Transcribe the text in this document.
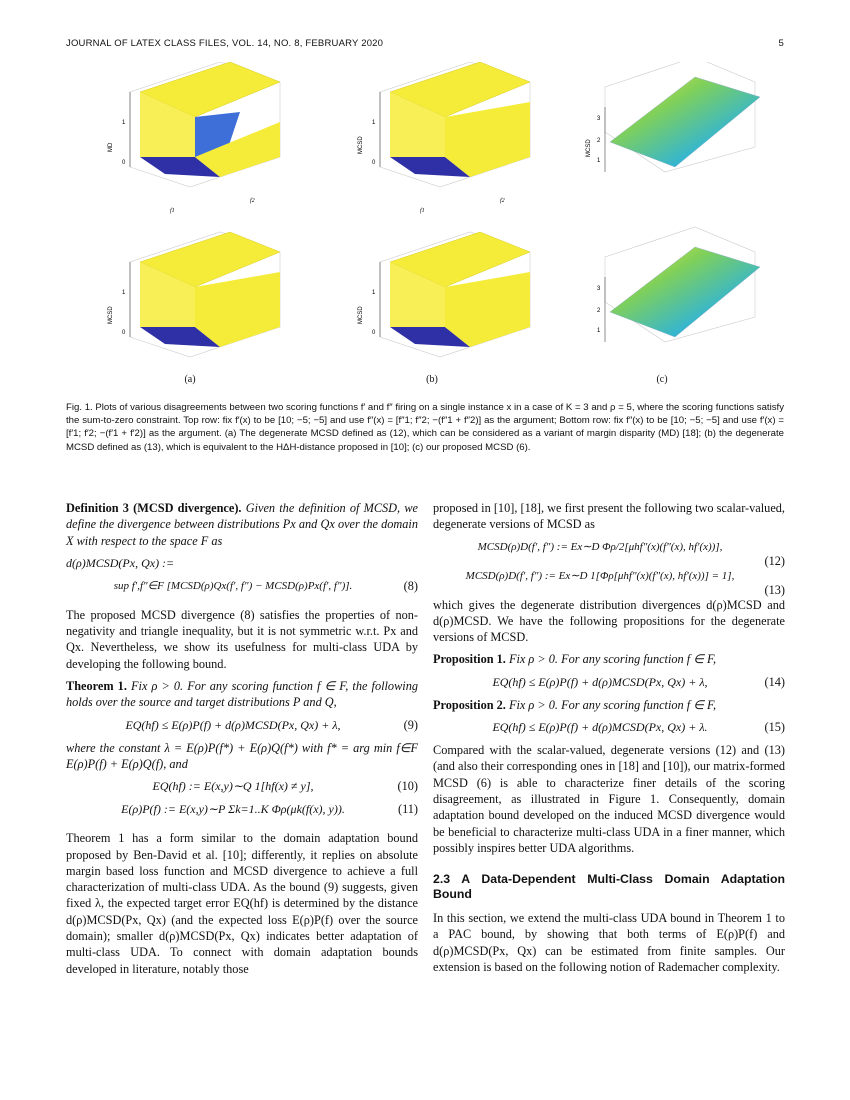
JOURNAL OF LATEX CLASS FILES, VOL. 14, NO. 8, FEBRUARY 2020	5
1
0
MD
f1
f2
1
0
MCSD
f1
f2
3
2
1
MCSD
1
0
MCSD
1
0
MCSD
3
2
1
(a)	(b)	(c)
Fig. 1. Plots of various disagreements between two scoring functions f′ and f″ firing on a single instance x in a case of K = 3 and ρ = 5, where the scoring functions satisfy the sum-to-zero constraint. Top row: fix f′(x) to be [10; −5; −5] and use f″(x) = [f″1; f″2; −(f″1 + f″2)] as the argument; Bottom row: fix f″(x) to be [10; −5; −5] and use f′(x) = [f′1; f′2; −(f′1 + f′2)] as the argument. (a) The degenerate MCSD defined as (12), which can be considered as a variant of margin disparity (MD) [18]; (b) the degenerate MCSD defined as (13), which is equivalent to the HΔH-distance proposed in [10]; (c) our proposed MCSD (6).

Definition 3 (MCSD divergence). Given the definition of MCSD, we define the divergence between distributions Px and Qx over the domain X with respect to the space F as

d(ρ)MCSD(Px, Qx) :=
sup f′,f″∈F [MCSD(ρ)Qx(f′, f″) − MCSD(ρ)Px(f′, f″)].	(8)

The proposed MCSD divergence (8) satisfies the properties of non-negativity and triangle inequality, but it is not symmetric w.r.t. Px and Qx. Nevertheless, we show its usefulness for multi-class UDA by developing the following bound.

Theorem 1. Fix ρ > 0. For any scoring function f ∈ F, the following holds over the source and target distributions P and Q,

EQ(hf) ≤ E(ρ)P(f) + d(ρ)MCSD(Px, Qx) + λ,	(9)

where the constant λ = E(ρ)P(f*) + E(ρ)Q(f*) with f* = arg min f∈F E(ρ)P(f) + E(ρ)Q(f), and

EQ(hf) := E(x,y)∼Q 1[hf(x) ≠ y],	(10)
E(ρ)P(f) := E(x,y)∼P Σk=1..K Φρ(μk(f(x), y)).	(11)

Theorem 1 has a form similar to the domain adaptation bound proposed by Ben-David et al. [10]; differently, it replies on absolute margin based loss function and MCSD divergence to achieve a full characterization of multi-class UDA. As the bound (9) suggests, given fixed λ, the expected target error EQ(hf) is determined by the distance d(ρ)MCSD(Px, Qx) (and the expected loss E(ρ)P(f) over the source domain); smaller d(ρ)MCSD(Px, Qx) indicates better adaptation of multi-class UDA. To connect with domain adaptation bounds developed in literature, notably those

proposed in [10], [18], we first present the following two scalar-valued, degenerate versions of MCSD as

MCSD(ρ)D(f′, f″) := Ex∼D Φρ/2[μhf″(x)(f″(x), hf′(x))],
(12)
MCSD(ρ)D(f′, f″) := Ex∼D 1[Φρ[μhf″(x)(f″(x), hf′(x))] = 1],
(13)

which gives the degenerate distribution divergences d(ρ)MCSD and d(ρ)MCSD. We have the following propositions for the degenerate versions of MCSD.

Proposition 1. Fix ρ > 0. For any scoring function f ∈ F,

EQ(hf) ≤ E(ρ)P(f) + d(ρ)MCSD(Px, Qx) + λ,	(14)

Proposition 2. Fix ρ > 0. For any scoring function f ∈ F,

EQ(hf) ≤ E(ρ)P(f) + d(ρ)MCSD(Px, Qx) + λ.	(15)

Compared with the scalar-valued, degenerate versions (12) and (13) (and also their corresponding ones in [18] and [10]), our matrix-formed MCSD (6) is able to characterize finer details of the scoring disagreement, as illustrated in Figure 1. Consequently, domain adaptation bound developed on the induced MCSD divergence would be beneficial to characterize multi-class UDA in a finer manner, which possibly inspires better UDA algorithms.

2.3 A Data-Dependent Multi-Class Domain Adaptation Bound

In this section, we extend the multi-class UDA bound in Theorem 1 to a PAC bound, by showing that both terms of E(ρ)P(f) and d(ρ)MCSD(Px, Qx) can be estimated from finite samples. Our extension is based on the following notion of Rademacher complexity.
